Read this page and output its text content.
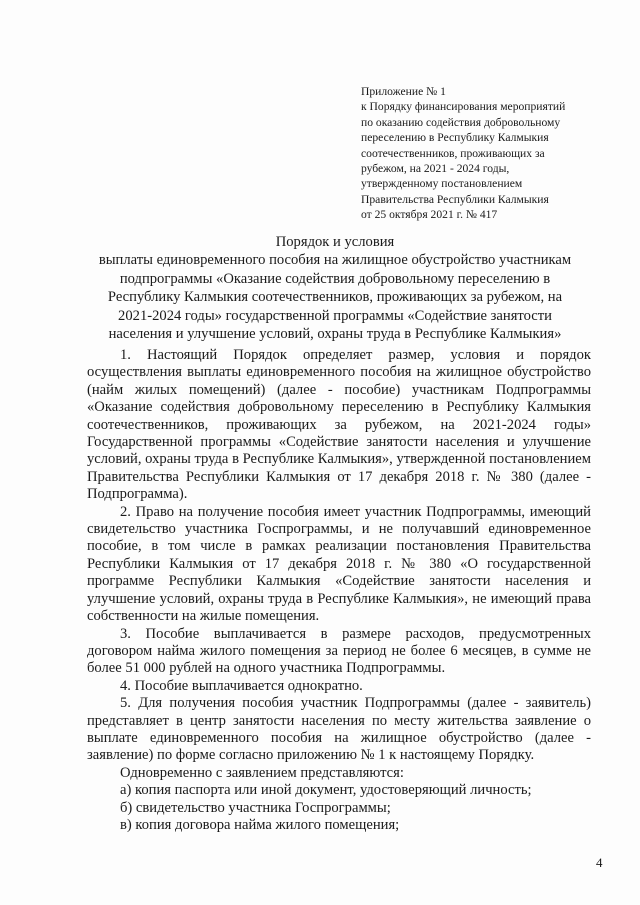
Приложение № 1
к Порядку финансирования мероприятий
по оказанию содействия добровольному
переселению в Республику Калмыкия
соотечественников, проживающих за
рубежом, на 2021 - 2024 годы,
утвержденному постановлением
Правительства Республики Калмыкия
от 25 октября 2021 г. № 417
Порядок и условия
выплаты единовременного пособия на жилищное обустройство участникам
подпрограммы «Оказание содействия добровольному переселению в
Республику Калмыкия соотечественников, проживающих за рубежом, на
2021-2024 годы» государственной программы «Содействие занятости
населения и улучшение условий, охраны труда в Республике Калмыкия»

1. Настоящий Порядок определяет размер, условия и порядок осуществления выплаты единовременного пособия на жилищное обустройство (найм жилых помещений) (далее - пособие) участникам Подпрограммы «Оказание содействия добровольному переселению в Республику Калмыкия соотечественников, проживающих за рубежом, на 2021-2024 годы» Государственной программы «Содействие занятости населения и улучшение условий, охраны труда в Республике Калмыкия», утвержденной постановлением Правительства Республики Калмыкия от 17 декабря 2018 г. № 380 (далее - Подпрограмма).

2. Право на получение пособия имеет участник Подпрограммы, имеющий свидетельство участника Госпрограммы, и не получавший единовременное пособие, в том числе в рамках реализации постановления Правительства Республики Калмыкия от 17 декабря 2018 г. № 380 «О государственной программе Республики Калмыкия «Содействие занятости населения и улучшение условий, охраны труда в Республике Калмыкия», не имеющий права собственности на жилые помещения.

3. Пособие выплачивается в размере расходов, предусмотренных договором найма жилого помещения за период не более 6 месяцев, в сумме не более 51 000 рублей на одного участника Подпрограммы.

4. Пособие выплачивается однократно.

5. Для получения пособия участник Подпрограммы (далее - заявитель) представляет в центр занятости населения по месту жительства заявление о выплате единовременного пособия на жилищное обустройство (далее - заявление) по форме согласно приложению № 1 к настоящему Порядку.

Одновременно с заявлением представляются:

а) копия паспорта или иной документ, удостоверяющий личность;

б) свидетельство участника Госпрограммы;

в) копия договора найма жилого помещения;

4
